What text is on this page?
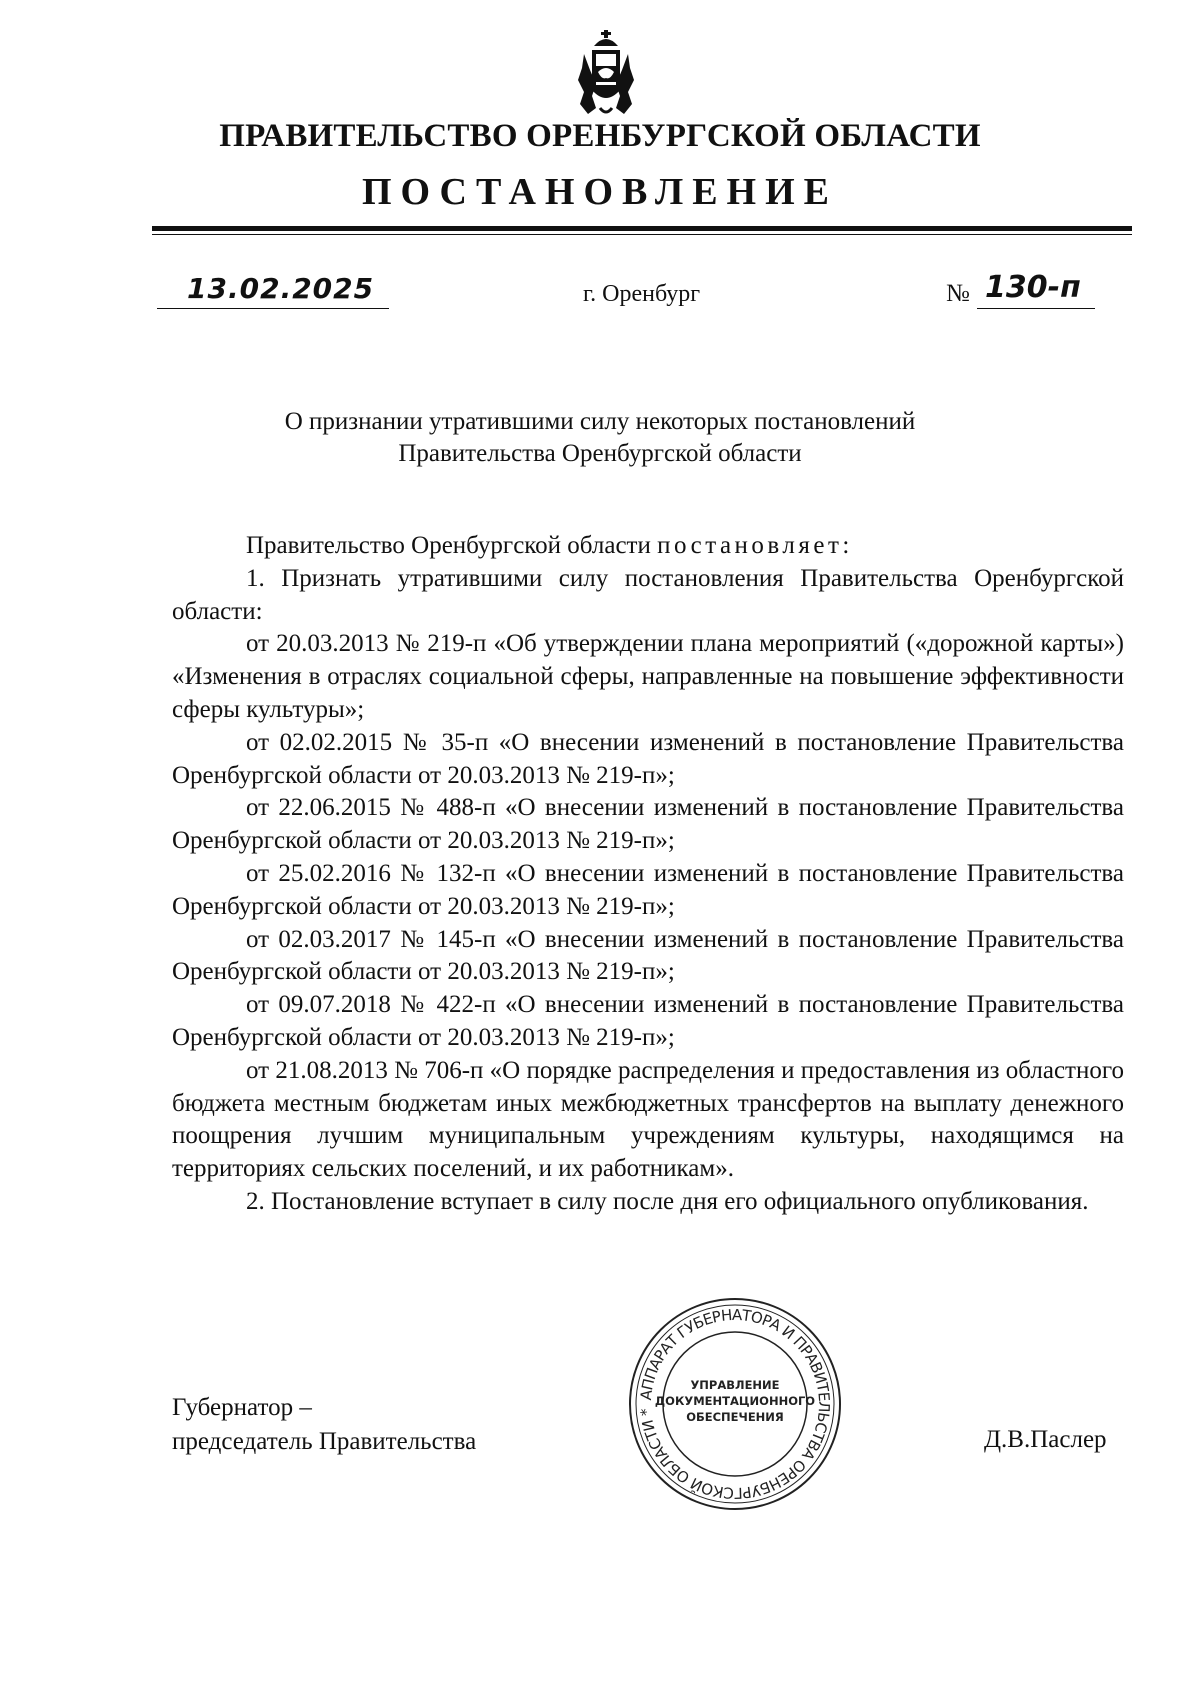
ПРАВИТЕЛЬСТВО ОРЕНБУРГСКОЙ ОБЛАСТИ
ПОСТАНОВЛЕНИЕ
13.02.2025	г. Оренбург	№ 130-п
О признании утратившими силу некоторых постановлений
Правительства Оренбургской области

Правительство Оренбургской области постановляет:

1. Признать утратившими силу постановления Правительства Оренбургской области:

от 20.03.2013 № 219-п «Об утверждении плана мероприятий («дорожной карты») «Изменения в отраслях социальной сферы, направленные на повышение эффективности сферы культуры»;

от 02.02.2015 № 35-п «О внесении изменений в постановление Правительства Оренбургской области от 20.03.2013 № 219-п»;

от 22.06.2015 № 488-п «О внесении изменений в постановление Правительства Оренбургской области от 20.03.2013 № 219-п»;

от 25.02.2016 № 132-п «О внесении изменений в постановление Правительства Оренбургской области от 20.03.2013 № 219-п»;

от 02.03.2017 № 145-п «О внесении изменений в постановление Правительства Оренбургской области от 20.03.2013 № 219-п»;

от 09.07.2018 № 422-п «О внесении изменений в постановление Правительства Оренбургской области от 20.03.2013 № 219-п»;

от 21.08.2013 № 706-п «О порядке распределения и предоставления из областного бюджета местным бюджетам иных межбюджетных трансфертов на выплату денежного поощрения лучшим муниципальным учреждениям культуры, находящимся на территориях сельских поселений, и их работникам».

2. Постановление вступает в силу после дня его официального опубликования.

Губернатор –
председатель Правительства	Д.В.Паслер
АППАРАТ ГУБЕРНАТОРА И ПРАВИТЕЛЬСТВА ОРЕНБУРГСКОЙ ОБЛАСТИ *
УПРАВЛЕНИЕ
ДОКУМЕНТАЦИОННОГО
ОБЕСПЕЧЕНИЯ
